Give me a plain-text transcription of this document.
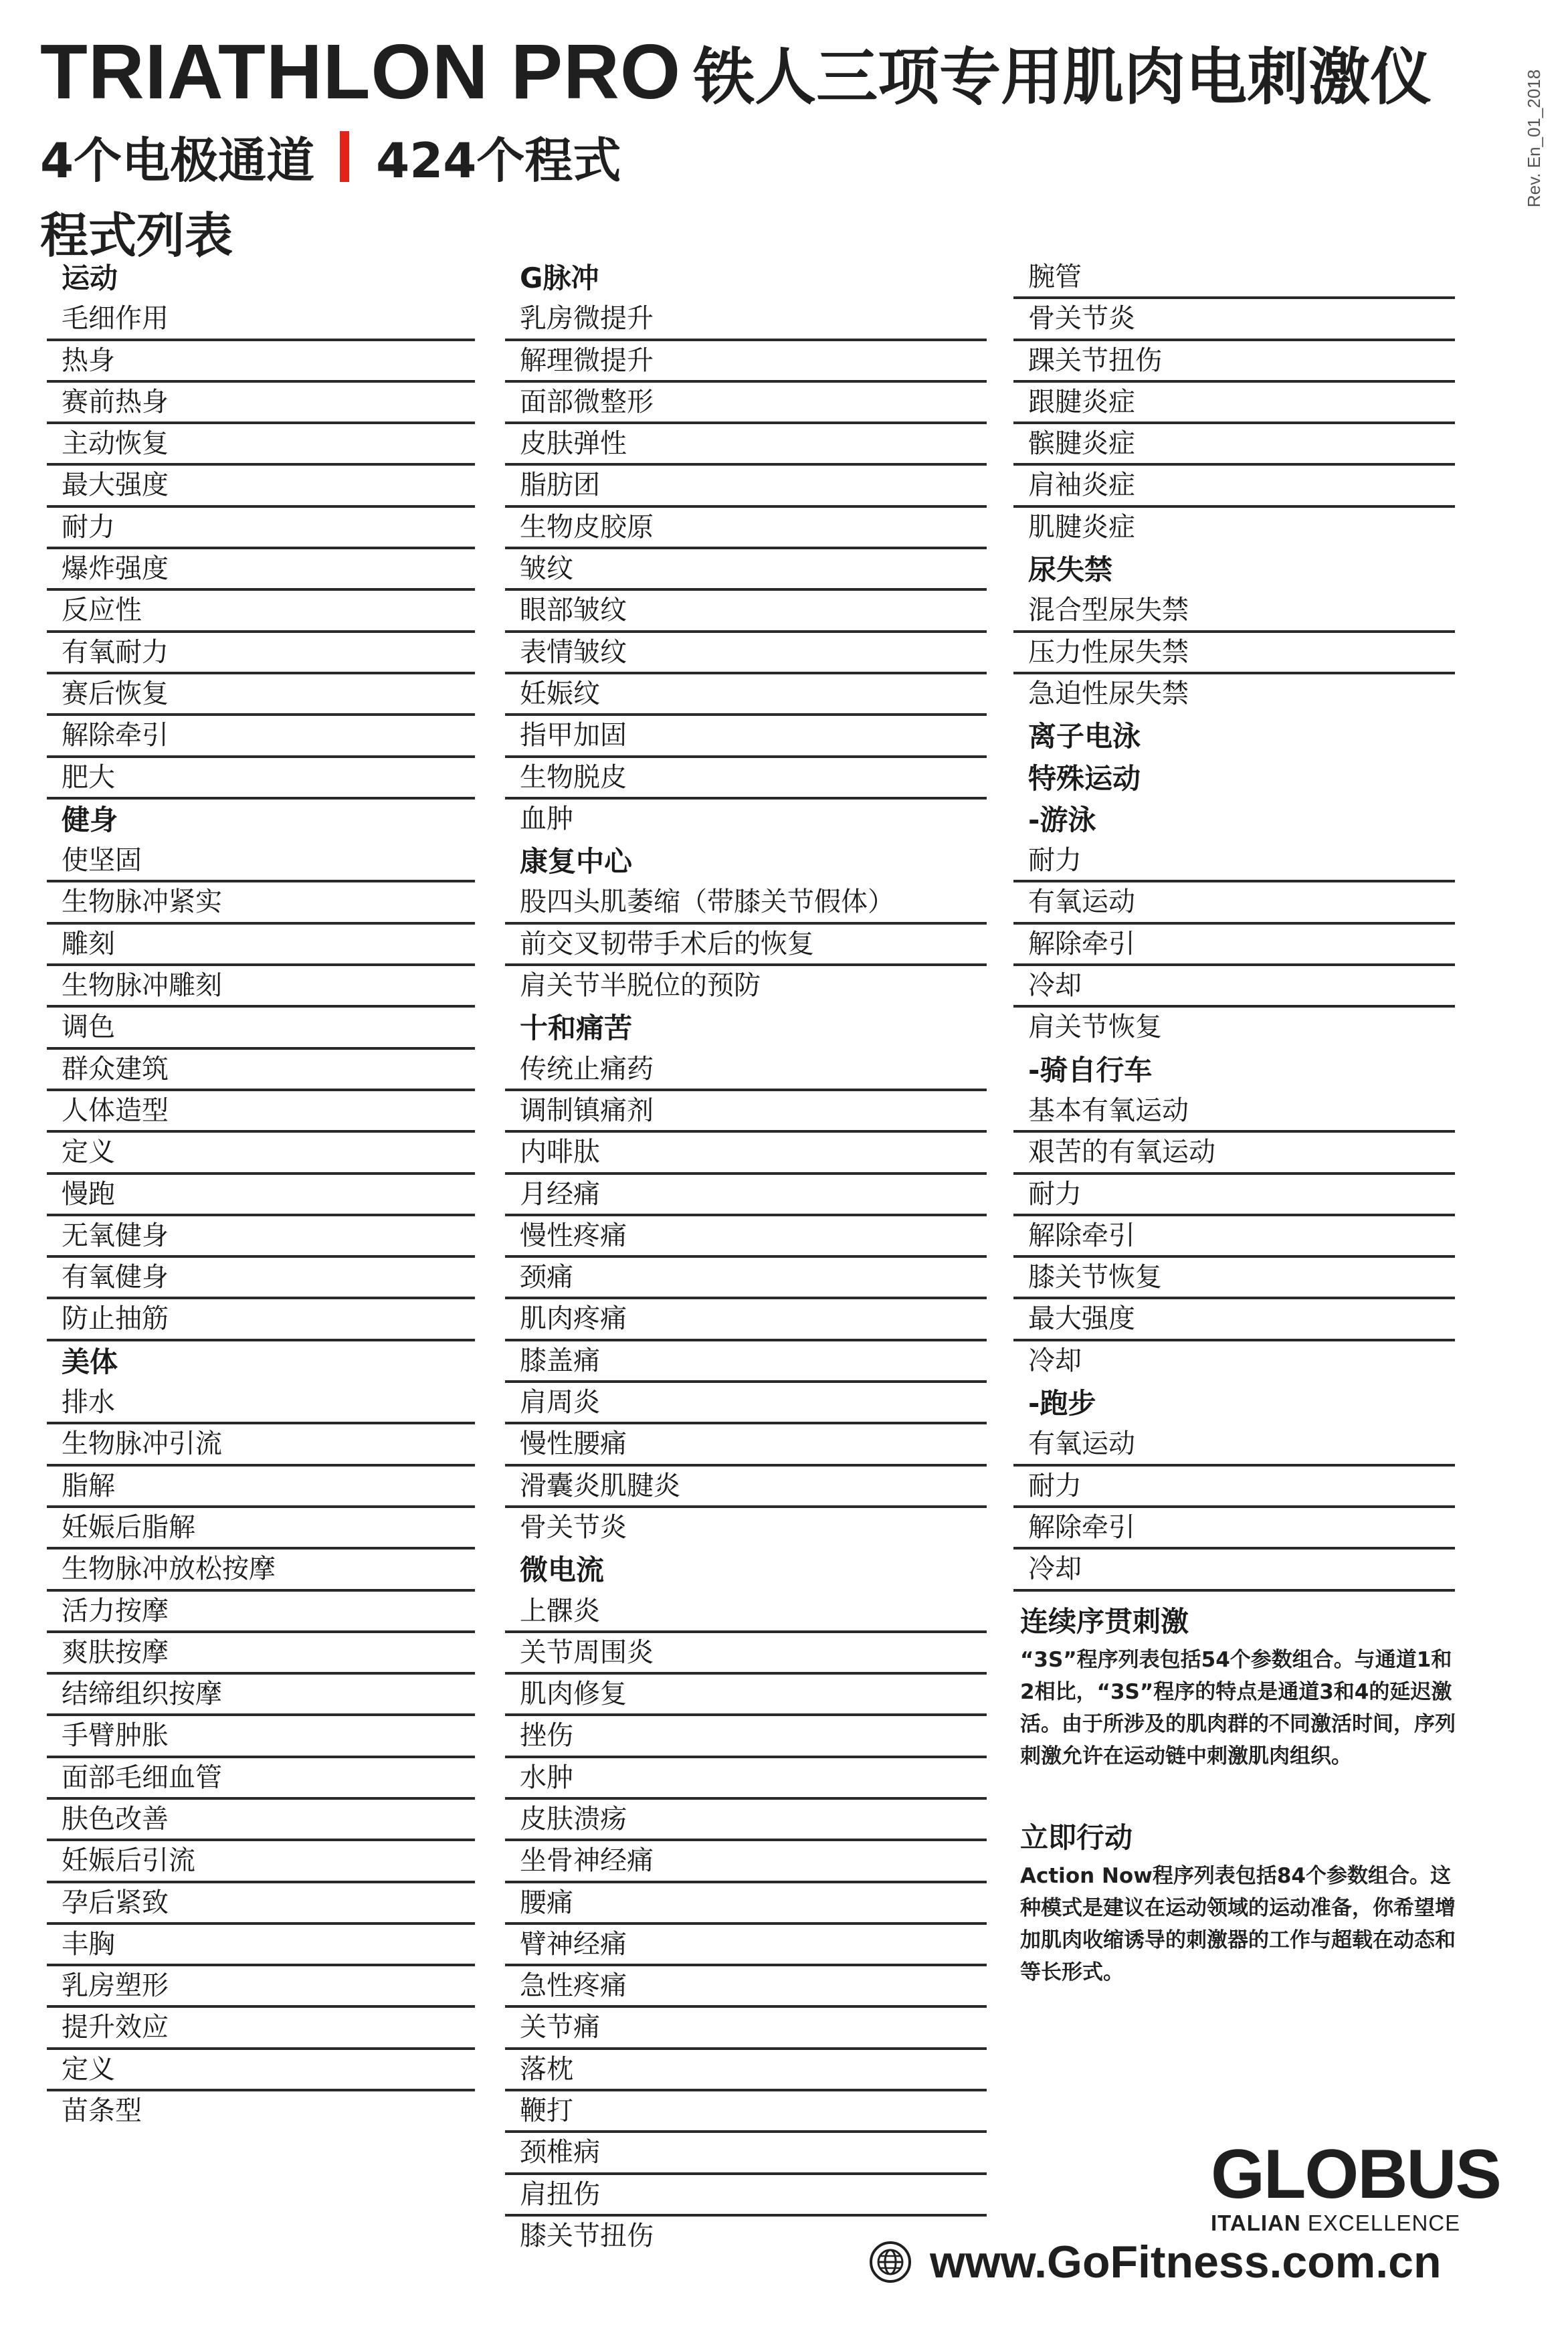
TRIATHLON PRO 铁人三项专用肌肉电刺激仪
4个电极通道 424个程式
程式列表
Rev. En_01_2018
运动
毛细作用
热身
赛前热身
主动恢复
最大强度
耐力
爆炸强度
反应性
有氧耐力
赛后恢复
解除牵引
肥大
健身
使坚固
生物脉冲紧实
雕刻
生物脉冲雕刻
调色
群众建筑
人体造型
定义
慢跑
无氧健身
有氧健身
防止抽筋
美体
排水
生物脉冲引流
脂解
妊娠后脂解
生物脉冲放松按摩
活力按摩
爽肤按摩
结缔组织按摩
手臂肿胀
面部毛细血管
肤色改善
妊娠后引流
孕后紧致
丰胸
乳房塑形
提升效应
定义
苗条型
G脉冲
乳房微提升
解理微提升
面部微整形
皮肤弹性
脂肪团
生物皮胶原
皱纹
眼部皱纹
表情皱纹
妊娠纹
指甲加固
生物脱皮
血肿
康复中心
股四头肌萎缩（带膝关节假体）
前交叉韧带手术后的恢复
肩关节半脱位的预防
十和痛苦
传统止痛药
调制镇痛剂
内啡肽
月经痛
慢性疼痛
颈痛
肌肉疼痛
膝盖痛
肩周炎
慢性腰痛
滑囊炎肌腱炎
骨关节炎
微电流
上髁炎
关节周围炎
肌肉修复
挫伤
水肿
皮肤溃疡
坐骨神经痛
腰痛
臂神经痛
急性疼痛
关节痛
落枕
鞭打
颈椎病
肩扭伤
膝关节扭伤
腕管
骨关节炎
踝关节扭伤
跟腱炎症
髌腱炎症
肩袖炎症
肌腱炎症
尿失禁
混合型尿失禁
压力性尿失禁
急迫性尿失禁
离子电泳
特殊运动
-游泳
耐力
有氧运动
解除牵引
冷却
肩关节恢复
-骑自行车
基本有氧运动
艰苦的有氧运动
耐力
解除牵引
膝关节恢复
最大强度
冷却
-跑步
有氧运动
耐力
解除牵引
冷却
连续序贯刺激

“3S”程序列表包括54个参数组合。与通道1和2相比，“3S”程序的特点是通道3和4的延迟激活。由于所涉及的肌肉群的不同激活时间，序列刺激允许在运动链中刺激肌肉组织。

立即行动

Action Now程序列表包括84个参数组合。这种模式是建议在运动领域的运动准备，你希望增加肌肉收缩诱导的刺激器的工作与超载在动态和等长形式。

GLOBUS
ITALIAN EXCELLENCE
www.GoFitness.com.cn
